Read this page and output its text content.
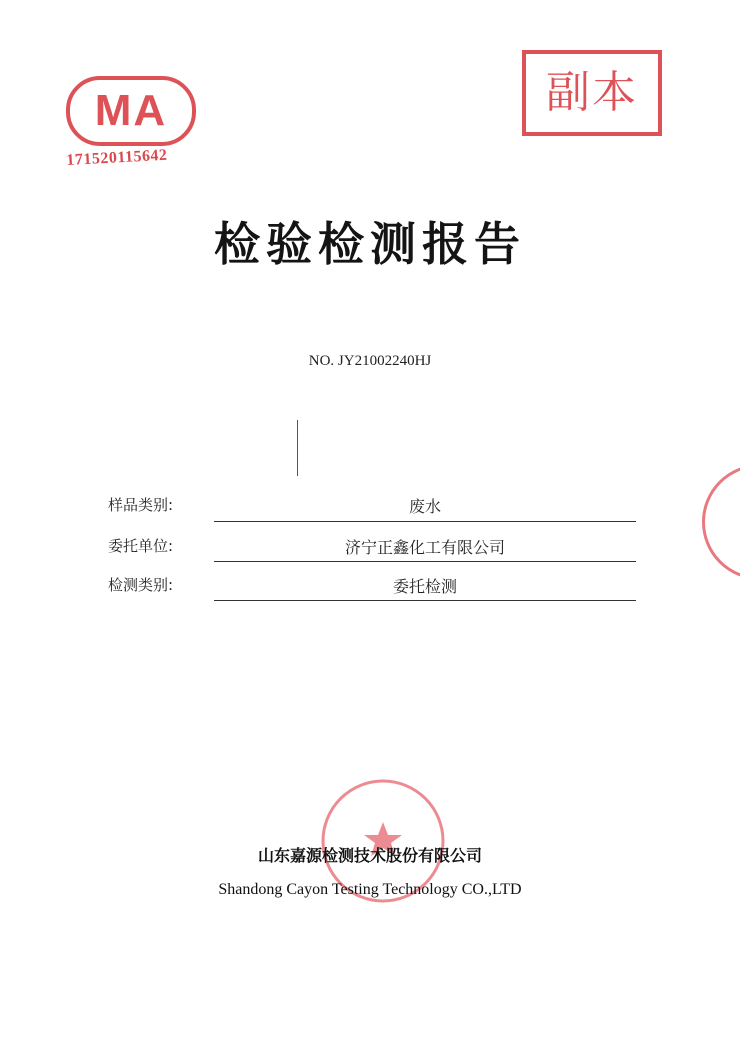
MA
171520115642
副本
检验检测报告
NO. JY21002240HJ
样品类别:	废水
委托单位:	济宁正鑫化工有限公司
检测类别:	委托检测
山东嘉源检测技术股份有限公司
Shandong Cayon Testing Technology CO.,LTD
